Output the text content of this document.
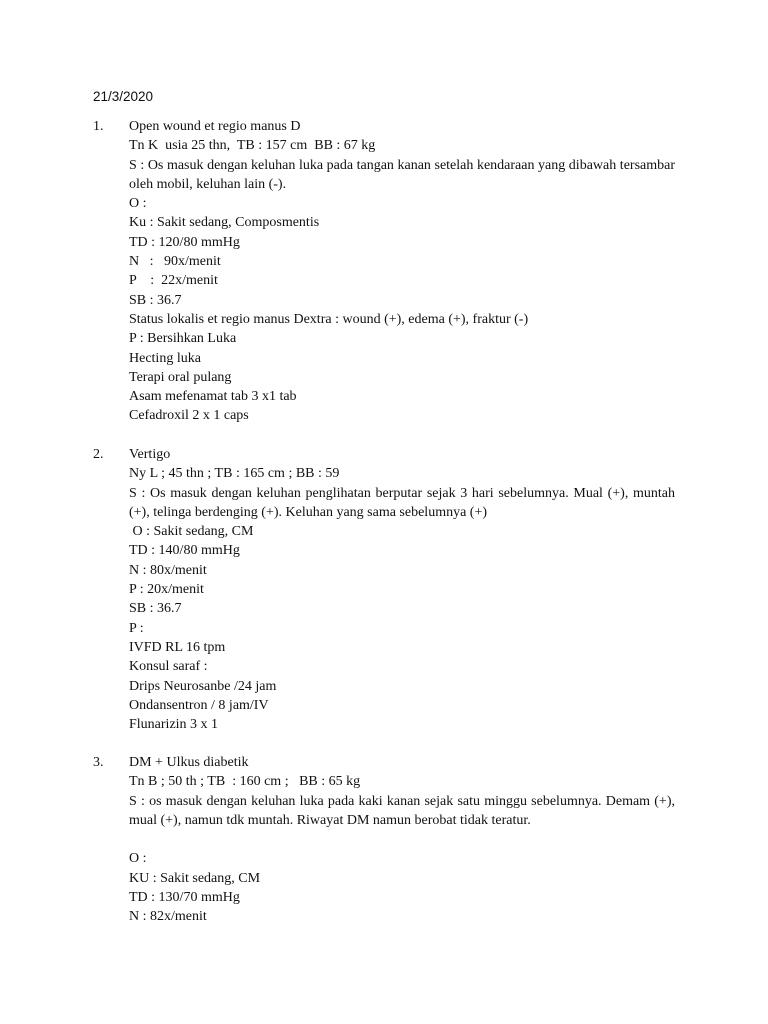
21/3/2020
1. Open wound et regio manus D
Tn K  usia 25 thn,  TB : 157 cm  BB : 67 kg
S : Os masuk dengan keluhan luka pada tangan kanan setelah kendaraan yang dibawah tersambar oleh mobil, keluhan lain (-).
O :
Ku : Sakit sedang, Composmentis
TD : 120/80 mmHg
N   :   90x/menit
P    :  22x/menit
SB : 36.7
Status lokalis et regio manus Dextra : wound (+), edema (+), fraktur (-)
P : Bersihkan Luka
Hecting luka
Terapi oral pulang
Asam mefenamat tab 3 x1 tab
Cefadroxil 2 x 1 caps
2. Vertigo
Ny L ; 45 thn ; TB : 165 cm ; BB : 59
S : Os masuk dengan keluhan penglihatan berputar sejak 3 hari sebelumnya. Mual (+), muntah (+), telinga berdenging (+). Keluhan yang sama sebelumnya (+)
O : Sakit sedang, CM
TD : 140/80 mmHg
N : 80x/menit
P : 20x/menit
SB : 36.7
P :
IVFD RL 16 tpm
Konsul saraf :
Drips Neurosanbe /24 jam
Ondansentron / 8 jam/IV
Flunarizin 3 x 1
3. DM + Ulkus diabetik
Tn B ; 50 th ; TB  : 160 cm ;   BB : 65 kg
S : os masuk dengan keluhan luka pada kaki kanan sejak satu minggu sebelumnya. Demam (+), mual (+), namun tdk muntah. Riwayat DM namun berobat tidak teratur.
O :
KU : Sakit sedang, CM
TD : 130/70 mmHg
N : 82x/menit
